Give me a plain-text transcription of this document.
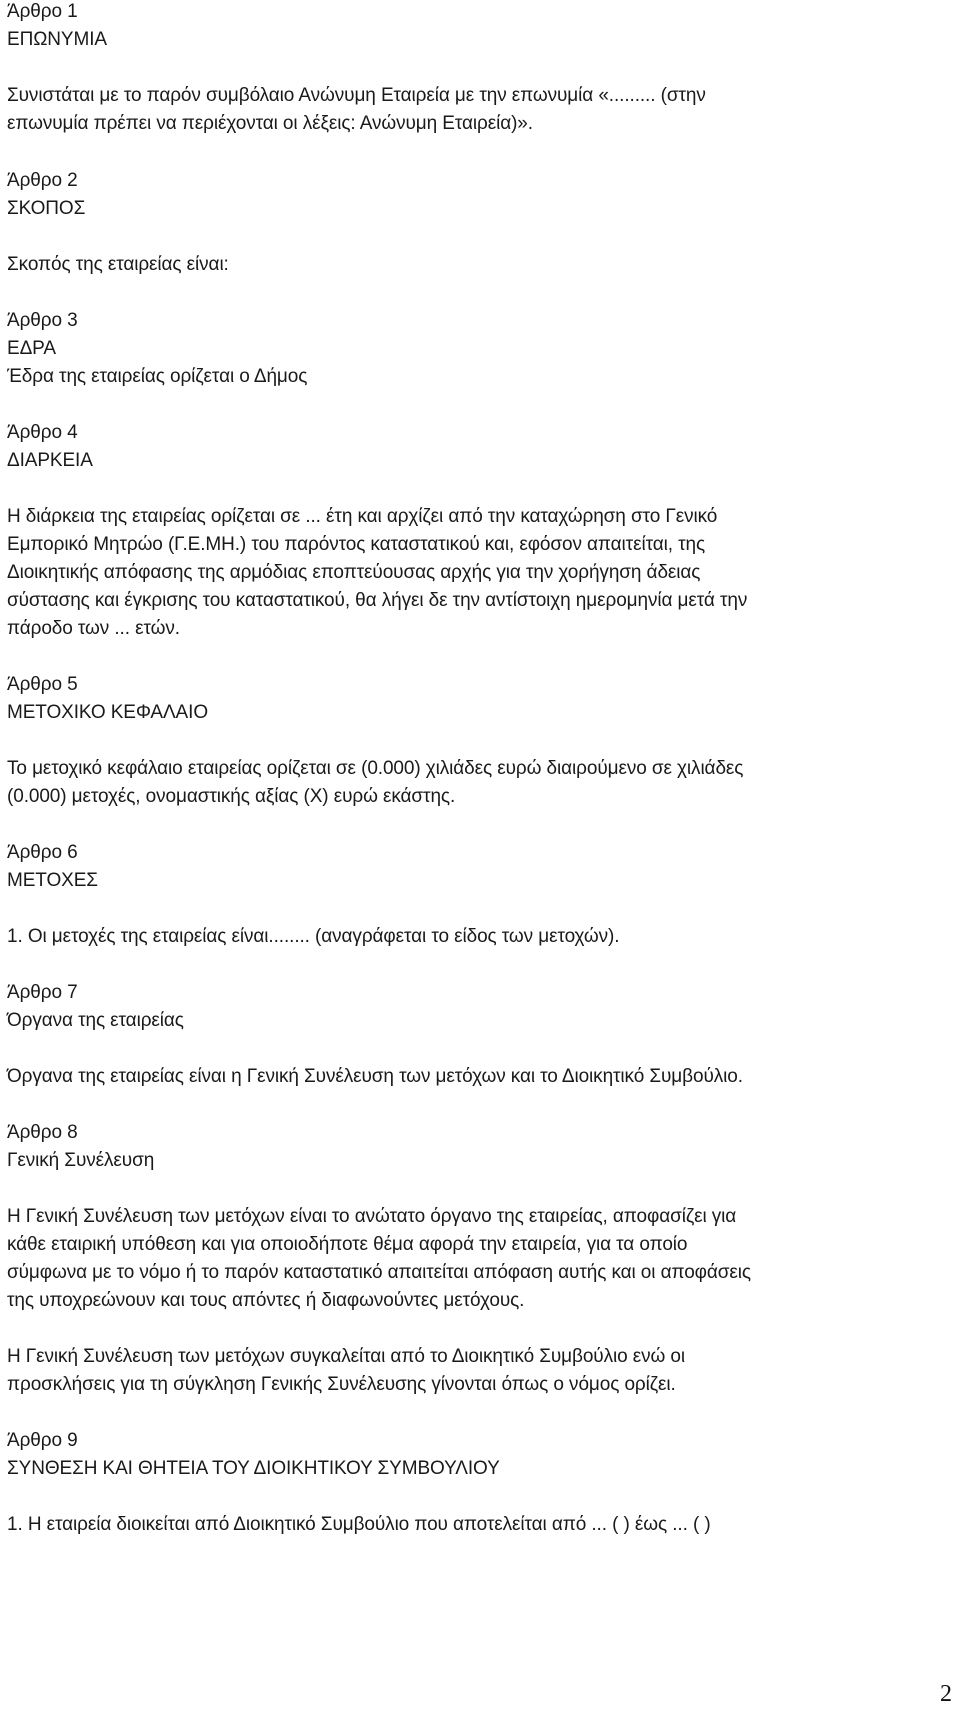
Άρθρο 1
ΕΠΩΝΥΜΙΑ
Συνιστάται με το παρόν συμβόλαιο Ανώνυμη Εταιρεία με την επωνυμία «......... (στην
επωνυμία πρέπει να περιέχονται οι λέξεις: Ανώνυμη Εταιρεία)».
Άρθρο 2
ΣΚΟΠΟΣ
Σκοπός της εταιρείας είναι:
Άρθρο 3
ΕΔΡΑ
Έδρα της εταιρείας ορίζεται ο Δήμος
Άρθρο 4
ΔΙΑΡΚΕΙΑ
Η διάρκεια της εταιρείας ορίζεται σε ... έτη και αρχίζει από την καταχώρηση στο Γενικό
Εμπορικό Μητρώο (Γ.Ε.ΜΗ.) του παρόντος καταστατικού και, εφόσον απαιτείται, της
Διοικητικής απόφασης της αρμόδιας εποπτεύουσας αρχής για την χορήγηση άδειας
σύστασης και έγκρισης του καταστατικού, θα λήγει δε την αντίστοιχη ημερομηνία μετά την
πάροδο των ... ετών.
Άρθρο 5
ΜΕΤΟΧΙΚΟ ΚΕΦΑΛΑΙΟ
Το μετοχικό κεφάλαιο εταιρείας ορίζεται σε (0.000) χιλιάδες ευρώ διαιρούμενο σε χιλιάδες
(0.000) μετοχές, ονομαστικής αξίας (Χ) ευρώ εκάστης.
Άρθρο 6
ΜΕΤΟΧΕΣ
1. Οι μετοχές της εταιρείας είναι........ (αναγράφεται το είδος των μετοχών).
Άρθρο 7
Όργανα της εταιρείας
Όργανα της εταιρείας είναι η Γενική Συνέλευση των μετόχων και το Διοικητικό Συμβούλιο.
Άρθρο 8
Γενική Συνέλευση
Η Γενική Συνέλευση των μετόχων είναι το ανώτατο όργανο της εταιρείας, αποφασίζει για
κάθε εταιρική υπόθεση και για οποιοδήποτε θέμα αφορά την εταιρεία, για τα οποίο
σύμφωνα με το νόμο ή το παρόν καταστατικό απαιτείται απόφαση αυτής και οι αποφάσεις
της υποχρεώνουν και τους απόντες ή διαφωνούντες μετόχους.
Η Γενική Συνέλευση των μετόχων συγκαλείται από το Διοικητικό Συμβούλιο ενώ οι
προσκλήσεις για τη σύγκληση Γενικής Συνέλευσης γίνονται όπως ο νόμος ορίζει.
Άρθρο 9
ΣΥΝΘΕΣΗ ΚΑΙ ΘΗΤΕΙΑ ΤΟΥ ΔΙΟΙΚΗΤΙΚΟΥ ΣΥΜΒΟΥΛΙΟΥ
1. Η εταιρεία διοικείται από Διοικητικό Συμβούλιο που αποτελείται από ... ( ) έως ... ( )
2
